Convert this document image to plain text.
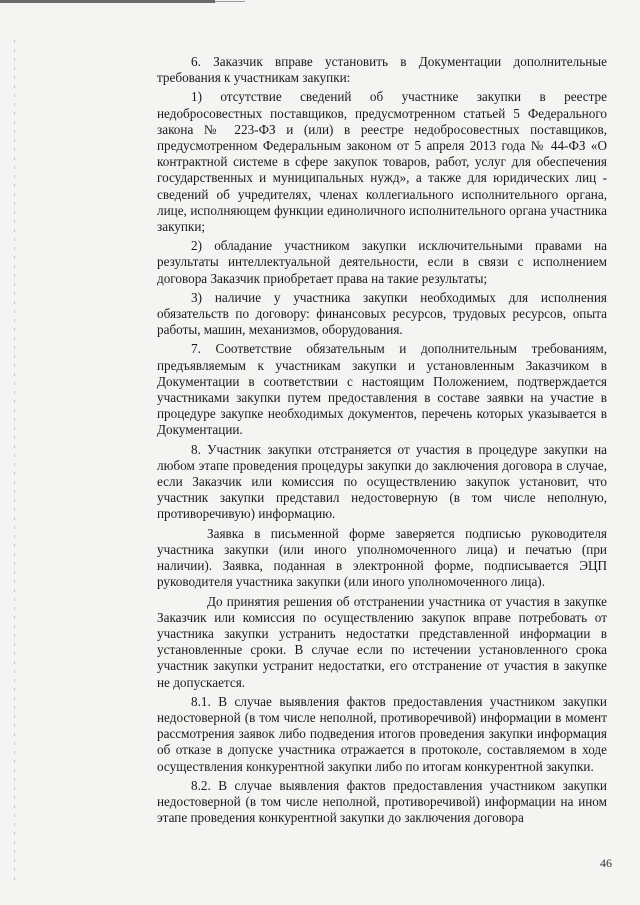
6. Заказчик вправе установить в Документации дополнительные требования к участникам закупки:

1) отсутствие сведений об участнике закупки в реестре недобросовестных поставщиков, предусмотренном статьей 5 Федерального закона № 223-ФЗ и (или) в реестре недобросовестных поставщиков, предусмотренном Федеральным законом от 5 апреля 2013 года № 44-ФЗ «О контрактной системе в сфере закупок товаров, работ, услуг для обеспечения государственных и муниципальных нужд», а также для юридических лиц - сведений об учредителях, членах коллегиального исполнительного органа, лице, исполняющем функции единоличного исполнительного органа участника закупки;

2) обладание участником закупки исключительными правами на результаты интеллектуальной деятельности, если в связи с исполнением договора Заказчик приобретает права на такие результаты;

3) наличие у участника закупки необходимых для исполнения обязательств по договору: финансовых ресурсов, трудовых ресурсов, опыта работы, машин, механизмов, оборудования.

7. Соответствие обязательным и дополнительным требованиям, предъявляемым к участникам закупки и установленным Заказчиком в Документации в соответствии с настоящим Положением, подтверждается участниками закупки путем предоставления в составе заявки на участие в процедуре закупке необходимых документов, перечень которых указывается в Документации.

8. Участник закупки отстраняется от участия в процедуре закупки на любом этапе проведения процедуры закупки до заключения договора в случае, если Заказчик или комиссия по осуществлению закупок установит, что участник закупки представил недостоверную (в том числе неполную, противоречивую) информацию.

Заявка в письменной форме заверяется подписью руководителя участника закупки (или иного уполномоченного лица) и печатью (при наличии). Заявка, поданная в электронной форме, подписывается ЭЦП руководителя участника закупки (или иного уполномоченного лица).

До принятия решения об отстранении участника от участия в закупке Заказчик или комиссия по осуществлению закупок вправе потребовать от участника закупки устранить недостатки представленной информации в установленные сроки. В случае если по истечении установленного срока участник закупки устранит недостатки, его отстранение от участия в закупке не допускается.

8.1. В случае выявления фактов предоставления участником закупки недостоверной (в том числе неполной, противоречивой) информации в момент рассмотрения заявок либо подведения итогов проведения закупки информация об отказе в допуске участника отражается в протоколе, составляемом в ходе осуществления конкурентной закупки либо по итогам конкурентной закупки.

8.2. В случае выявления фактов предоставления участником закупки недостоверной (в том числе неполной, противоречивой) информации на ином этапе проведения конкурентной закупки до заключения договора

46
